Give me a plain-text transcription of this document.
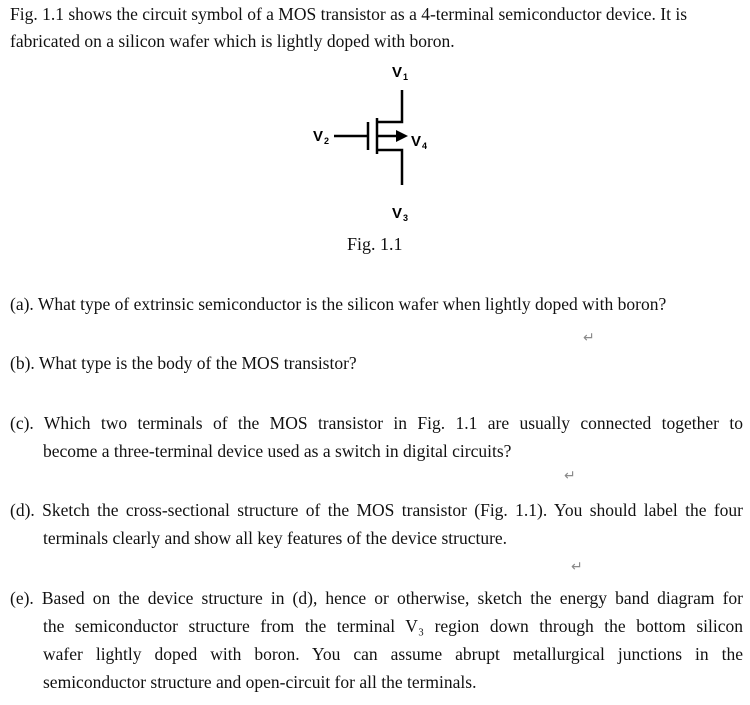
Fig. 1.1 shows the circuit symbol of a MOS transistor as a 4-terminal semiconductor device. It is
fabricated on a silicon wafer which is lightly doped with boron.
$V_1$
$V_2$	$V_4$
$V_3$
Fig. 1.1
(a). What type of extrinsic semiconductor is the silicon wafer when lightly doped with boron?
↵
(b). What type is the body of the MOS transistor?
(c). Which two terminals of the MOS transistor in Fig. 1.1 are usually connected together to
become a three-terminal device used as a switch in digital circuits?
↵
(d). Sketch the cross-sectional structure of the MOS transistor (Fig. 1.1). You should label the four
terminals clearly and show all key features of the device structure.
↵
(e). Based on the device structure in (d), hence or otherwise, sketch the energy band diagram for
the semiconductor structure from the terminal V₃ region down through the bottom silicon
wafer lightly doped with boron. You can assume abrupt metallurgical junctions in the
semiconductor structure and open-circuit for all the terminals.
